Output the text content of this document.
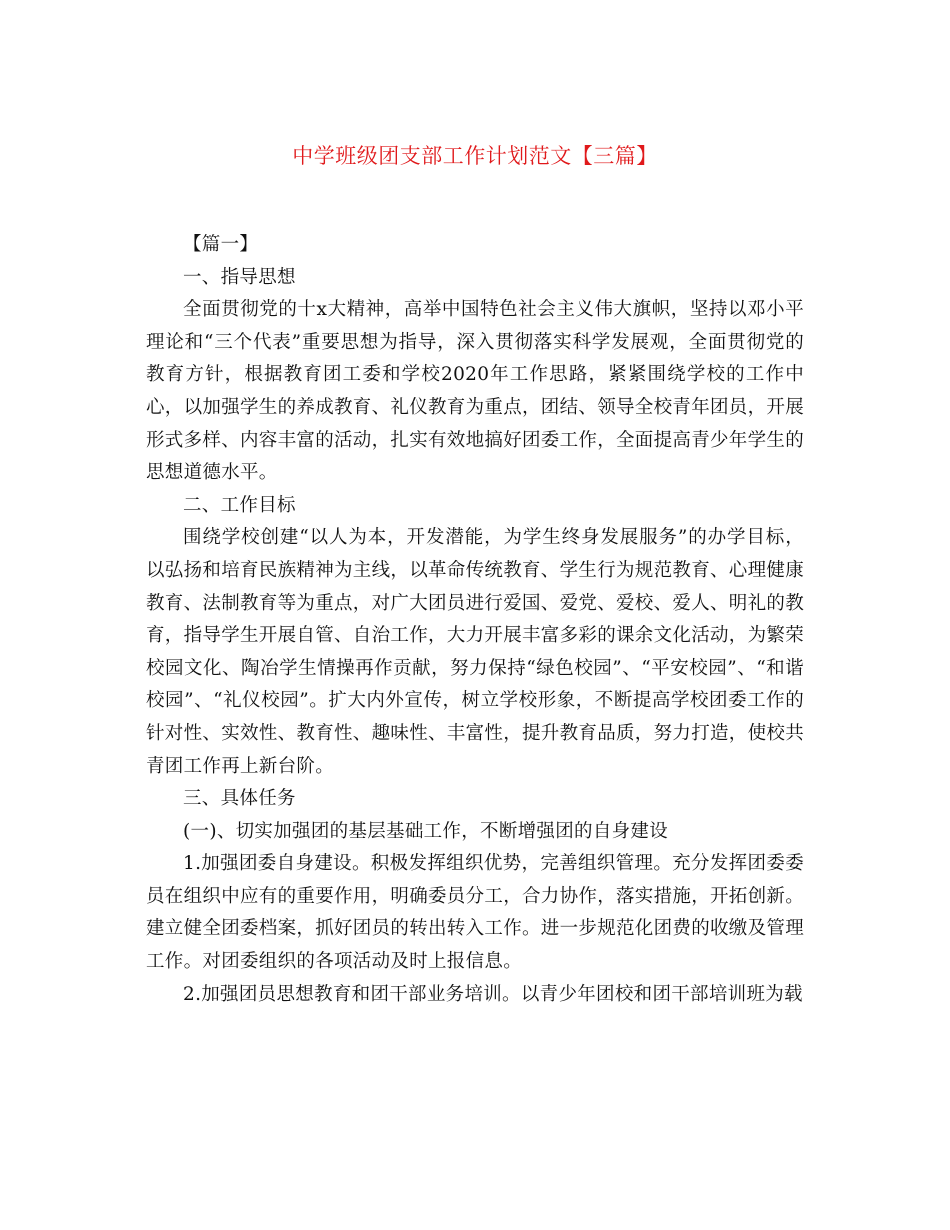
中学班级团支部工作计划范文【三篇】

【篇一】

一、指导思想

全面贯彻党的十x大精神，高举中国特色社会主义伟大旗帜，坚持以邓小平理论和“三个代表”重要思想为指导，深入贯彻落实科学发展观，全面贯彻党的教育方针，根据教育团工委和学校2020年工作思路，紧紧围绕学校的工作中心，以加强学生的养成教育、礼仪教育为重点，团结、领导全校青年团员，开展形式多样、内容丰富的活动，扎实有效地搞好团委工作，全面提高青少年学生的思想道德水平。

二、工作目标

围绕学校创建“以人为本，开发潜能，为学生终身发展服务”的办学目标，以弘扬和培育民族精神为主线，以革命传统教育、学生行为规范教育、心理健康教育、法制教育等为重点，对广大团员进行爱国、爱党、爱校、爱人、明礼的教育，指导学生开展自管、自治工作，大力开展丰富多彩的课余文化活动，为繁荣校园文化、陶冶学生情操再作贡献，努力保持“绿色校园”、“平安校园”、“和谐校园”、“礼仪校园”。扩大内外宣传，树立学校形象，不断提高学校团委工作的针对性、实效性、教育性、趣味性、丰富性，提升教育品质，努力打造，使校共青团工作再上新台阶。

三、具体任务

(一)、切实加强团的基层基础工作，不断增强团的自身建设

1.加强团委自身建设。积极发挥组织优势，完善组织管理。充分发挥团委委员在组织中应有的重要作用，明确委员分工，合力协作，落实措施，开拓创新。建立健全团委档案，抓好团员的转出转入工作。进一步规范化团费的收缴及管理工作。对团委组织的各项活动及时上报信息。

2.加强团员思想教育和团干部业务培训。以青少年团校和团干部培训班为载
